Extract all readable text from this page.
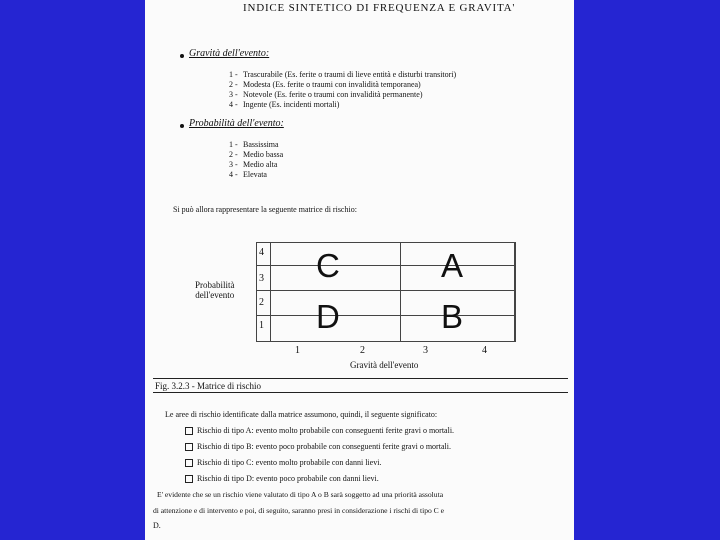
INDICE SINTETICO DI FREQUENZA E GRAVITA'
Gravità dell'evento:
1 - Trascurabile (Es. ferite o traumi di lieve entità e disturbi transitori)
2 - Modesta (Es. ferite o traumi con invalidità temporanea)
3 - Notevole (Es. ferite o traumi con invalidità permanente)
4 - Ingente (Es. incidenti mortali)
Probabilità dell'evento:
1 - Bassissima
2 - Medio bassa
3 - Medio alta
4 - Elevata
Si può allora rappresentare la seguente matrice di rischio:
Probabilità
dell'evento
4
3
2
1
C	A
D	B
1	2	3	4
Gravità dell'evento
Fig. 3.2.3 - Matrice di rischio
Le aree di rischio identificate dalla matrice assumono, quindi, il seguente significato:
Rischio di tipo A: evento molto probabile con conseguenti ferite gravi o mortali.
Rischio di tipo B: evento poco probabile con conseguenti ferite gravi o mortali.
Rischio di tipo C: evento molto probabile con danni lievi.
Rischio di tipo D: evento poco probabile con danni lievi.
E' evidente che se un rischio viene valutato di tipo A o B sarà soggetto ad una priorità assoluta
di attenzione e di intervento e poi, di seguito, saranno presi in considerazione i rischi di tipo C e
D.
